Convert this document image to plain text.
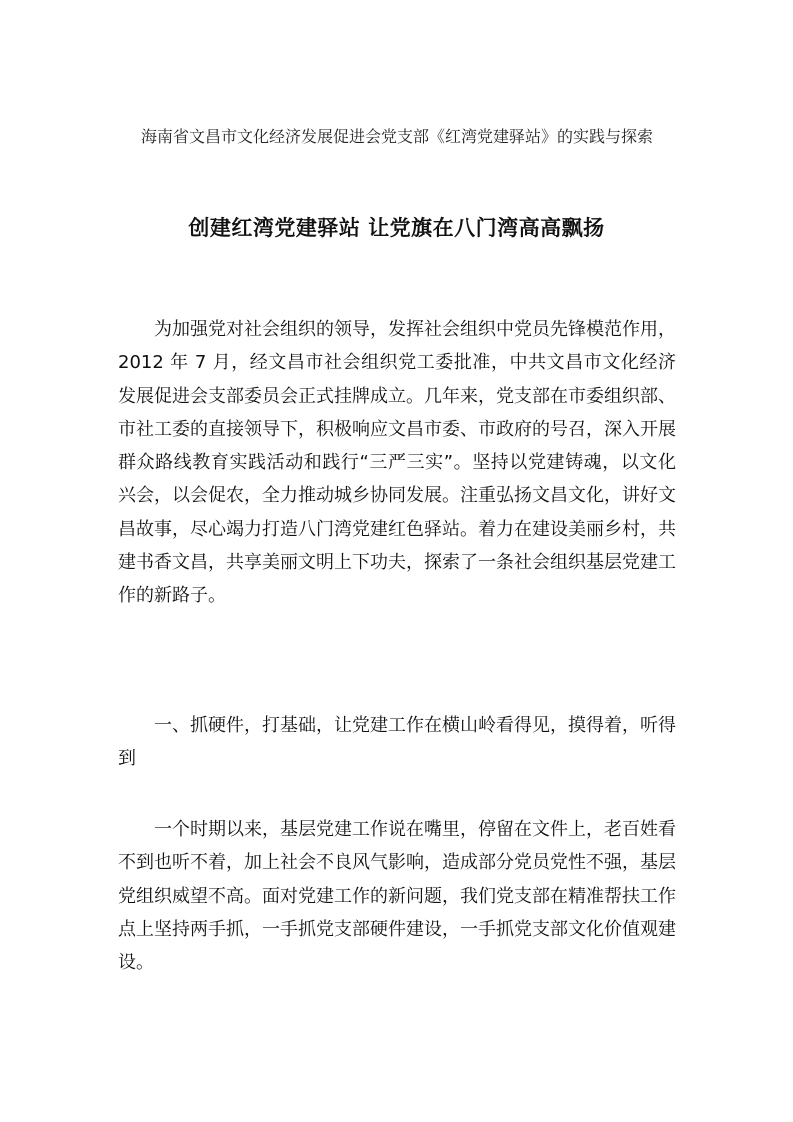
海南省文昌市文化经济发展促进会党支部《红湾党建驿站》的实践与探索
创建红湾党建驿站 让党旗在八门湾高高飘扬

为加强党对社会组织的领导，发挥社会组织中党员先锋模范作用，2012 年 7 月，经文昌市社会组织党工委批准，中共文昌市文化经济发展促进会支部委员会正式挂牌成立。几年来，党支部在市委组织部、市社工委的直接领导下，积极响应文昌市委、市政府的号召，深入开展群众路线教育实践活动和践行“三严三实”。坚持以党建铸魂，以文化兴会，以会促农，全力推动城乡协同发展。注重弘扬文昌文化，讲好文昌故事，尽心竭力打造八门湾党建红色驿站。着力在建设美丽乡村，共建书香文昌，共享美丽文明上下功夫，探索了一条社会组织基层党建工作的新路子。

一、抓硬件，打基础，让党建工作在横山岭看得见，摸得着，听得到

一个时期以来，基层党建工作说在嘴里，停留在文件上，老百姓看不到也听不着，加上社会不良风气影响，造成部分党员党性不强，基层党组织威望不高。面对党建工作的新问题，我们党支部在精准帮扶工作点上坚持两手抓，一手抓党支部硬件建设，一手抓党支部文化价值观建设。
